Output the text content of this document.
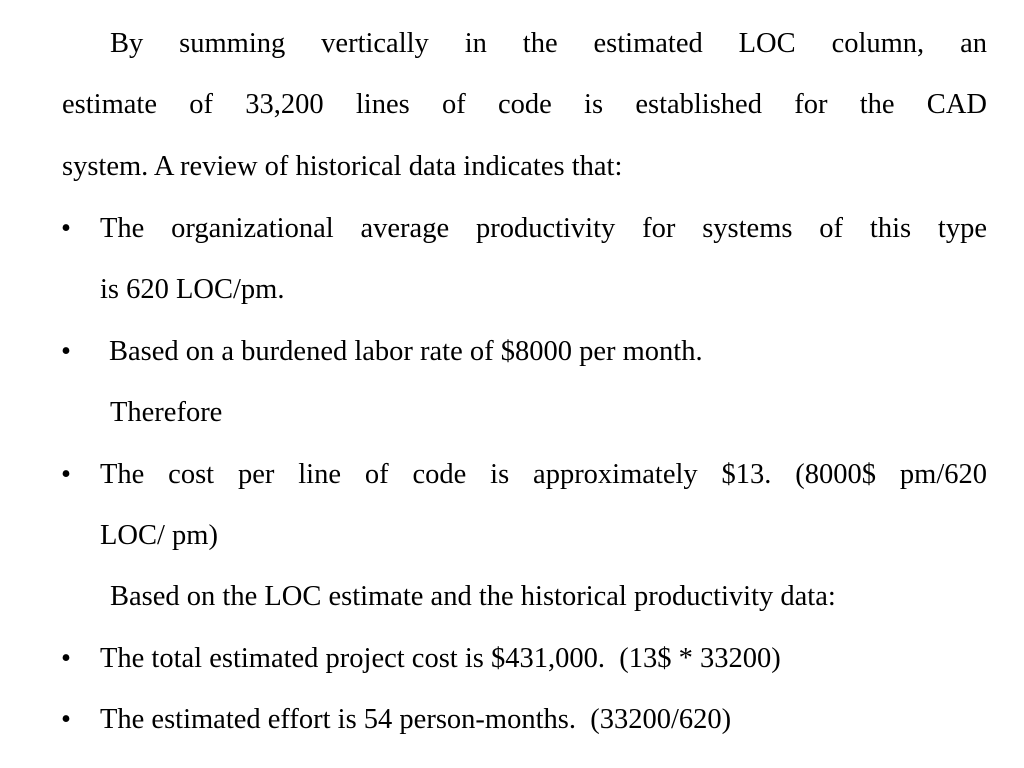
By summing vertically in the estimated LOC column, an
estimate of 33,200 lines of code is established for the CAD
system. A review of historical data indicates that:
• The organizational average productivity for systems of this type
is 620 LOC/pm.
• Based on a burdened labor rate of $8000 per month.
Therefore
• The cost per line of code is approximately $13. (8000$ pm/620
LOC/ pm)
Based on the LOC estimate and the historical productivity data:
• The total estimated project cost is $431,000.  (13$ * 33200)
• The estimated effort is 54 person-months.  (33200/620)
